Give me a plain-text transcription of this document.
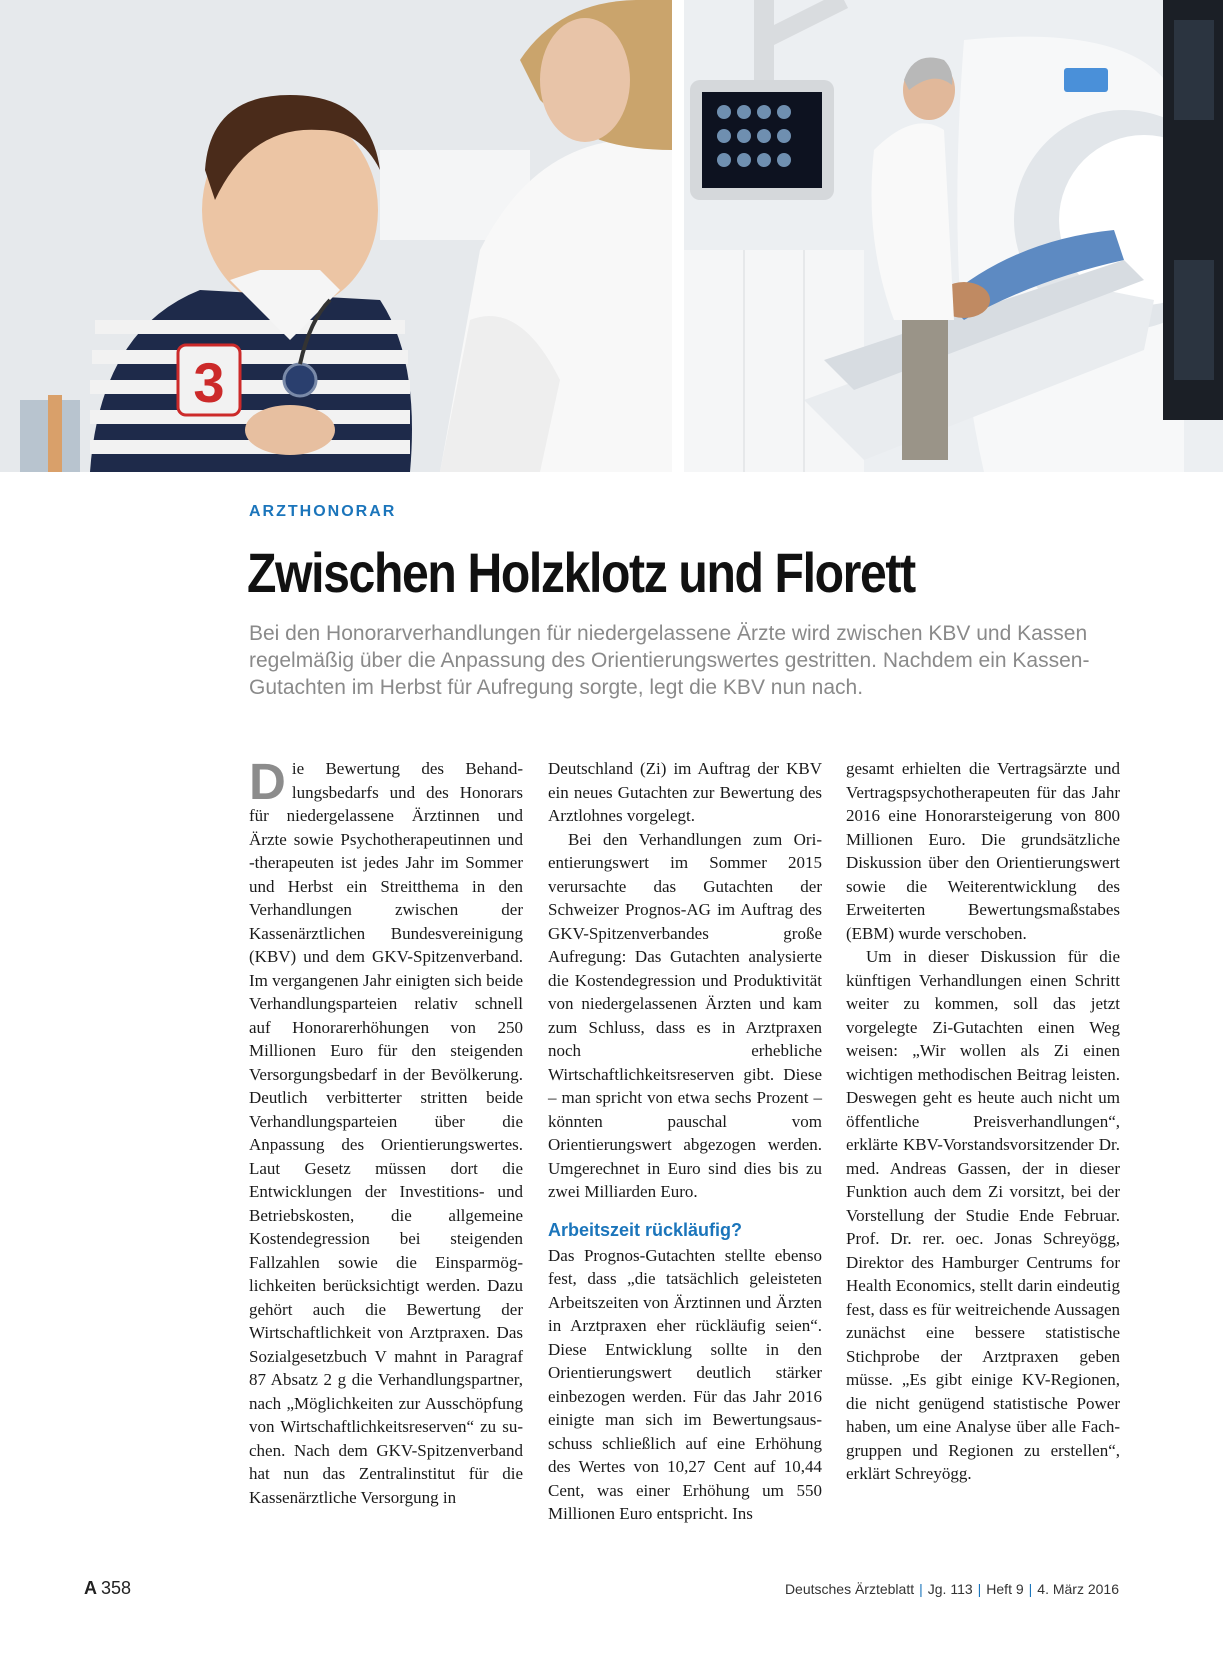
3
ARZTHONORAR
Zwischen Holzklotz und Florett
Bei den Honorarverhandlungen für niedergelassene Ärzte wird zwischen KBV und Kassen regelmäßig über die Anpassung des Orientierungswertes gestritten. Nachdem ein Kassen-Gutachten im Herbst für Aufregung sorgte, legt die KBV nun nach.

Die Bewertung des Behandlungsbedarfs und des Honorars für niedergelassene Ärztinnen und Ärzte sowie Psychotherapeutinnen und -therapeuten ist jedes Jahr im Sommer und Herbst ein Streitthema in den Verhandlungen zwischen der Kassenärztlichen Bundesvereinigung (KBV) und dem GKV-Spitzenverband. Im vergangenen Jahr einigten sich beide Verhandlungsparteien relativ schnell auf Honorarerhöhungen von 250 Millionen Euro für den steigenden Versorgungsbedarf in der Bevölkerung. Deutlich verbitterter stritten beide Verhandlungsparteien über die Anpassung des Orientierungswertes. Laut Gesetz müssen dort die Entwicklungen der Investitions- und Betriebskosten, die allgemeine Kostendegression bei steigenden Fallzahlen sowie die Einsparmöglichkeiten berücksichtigt werden. Dazu gehört auch die Bewertung der Wirtschaftlichkeit von Arztpraxen. Das Sozialgesetzbuch V mahnt in Paragraf 87 Absatz 2 g die Verhandlungspartner, nach „Möglichkeiten zur Ausschöpfung von Wirtschaftlichkeitsreserven“ zu suchen. Nach dem GKV-Spitzenverband hat nun das Zentralinstitut für die Kassenärztliche Versorgung in

Deutschland (Zi) im Auftrag der KBV ein neues Gutachten zur Bewertung des Arztlohnes vorgelegt.

Bei den Verhandlungen zum Orientierungswert im Sommer 2015 verursachte das Gutachten der Schweizer Prognos-AG im Auftrag des GKV-Spitzenverbandes große Aufregung: Das Gutachten analysierte die Kostendegression und Produktivität von niedergelassenen Ärzten und kam zum Schluss, dass es in Arztpraxen noch erhebliche Wirtschaftlichkeitsreserven gibt. Diese – man spricht von etwa sechs Prozent – könnten pauschal vom Orientierungswert abgezogen werden. Umgerechnet in Euro sind dies bis zu zwei Milliarden Euro.

Arbeitszeit rückläufig?

Das Prognos-Gutachten stellte ebenso fest, dass „die tatsächlich geleisteten Arbeitszeiten von Ärztinnen und Ärzten in Arztpraxen eher rückläufig seien“. Diese Entwicklung sollte in den Orientierungswert deutlich stärker einbezogen werden. Für das Jahr 2016 einigte man sich im Bewertungsausschuss schließlich auf eine Erhöhung des Wertes von 10,27 Cent auf 10,44 Cent, was einer Erhöhung um 550 Millionen Euro entspricht. Ins

gesamt erhielten die Vertragsärzte und Vertragspsychotherapeuten für das Jahr 2016 eine Honorarsteigerung von 800 Millionen Euro. Die grundsätzliche Diskussion über den Orientierungswert sowie die Weiterentwicklung des Erweiterten Bewertungsmaßstabes (EBM) wurde verschoben.

Um in dieser Diskussion für die künftigen Verhandlungen einen Schritt weiter zu kommen, soll das jetzt vorgelegte Zi-Gutachten einen Weg weisen: „Wir wollen als Zi einen wichtigen methodischen Beitrag leisten. Deswegen geht es heute auch nicht um öffentliche Preisverhandlungen“, erklärte KBV-Vorstandsvorsitzender Dr. med. Andreas Gassen, der in dieser Funktion auch dem Zi vorsitzt, bei der Vorstellung der Studie Ende Februar. Prof. Dr. rer. oec. Jonas Schreyögg, Direktor des Hamburger Centrums for Health Economics, stellt darin eindeutig fest, dass es für weitreichende Aussagen zunächst eine bessere statistische Stichprobe der Arztpraxen geben müsse. „Es gibt einige KV-Regionen, die nicht genügend statistische Power haben, um eine Analyse über alle Fachgruppen und Regionen zu erstellen“, erklärt Schreyögg.

A 358	Deutsches Ärzteblatt | Jg. 113 | Heft 9 | 4. März 2016
